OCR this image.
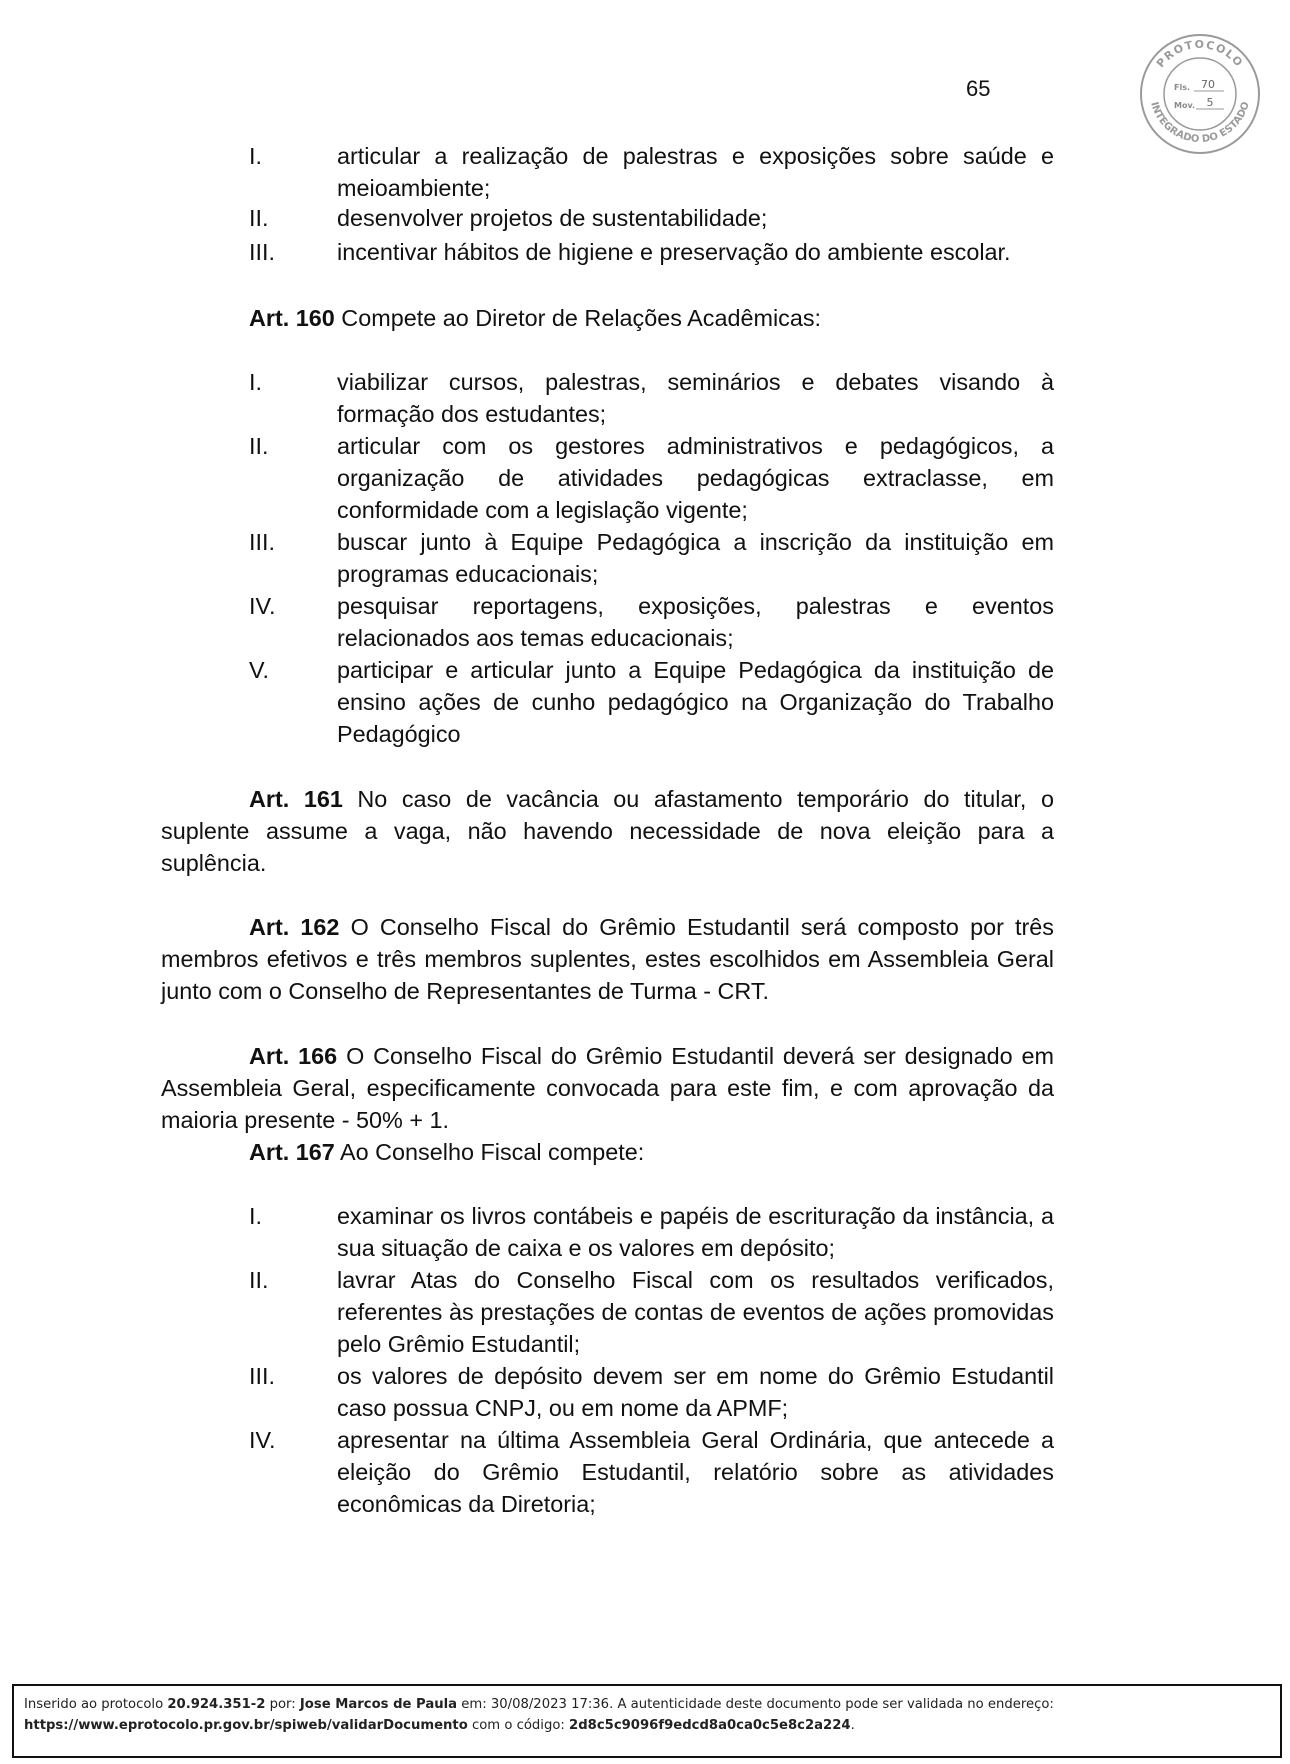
65
PROTOCOLO
INTEGRADO DO ESTADO
Fls. 70
Mov. 5
I.	articular a realização de palestras e exposições sobre saúde e meioambiente;
II.	desenvolver projetos de sustentabilidade;
III.	incentivar hábitos de higiene e preservação do ambiente escolar.

Art. 160 Compete ao Diretor de Relações Acadêmicas:

I.	viabilizar cursos, palestras, seminários e debates visando à formação dos estudantes;
II.	articular com os gestores administrativos e pedagógicos, a organização de atividades pedagógicas extraclasse, em conformidade com a legislação vigente;
III.	buscar junto à Equipe Pedagógica a inscrição da instituição em programas educacionais;
IV.	pesquisar reportagens, exposições, palestras e eventos relacionados aos temas educacionais;
V.	participar e articular junto a Equipe Pedagógica da instituição de ensino ações de cunho pedagógico na Organização do Trabalho Pedagógico

Art. 161 No caso de vacância ou afastamento temporário do titular, o suplente assume a vaga, não havendo necessidade de nova eleição para a suplência.

Art. 162 O Conselho Fiscal do Grêmio Estudantil será composto por três membros efetivos e três membros suplentes, estes escolhidos em Assembleia Geral junto com o Conselho de Representantes de Turma - CRT.

Art. 166 O Conselho Fiscal do Grêmio Estudantil deverá ser designado em Assembleia Geral, especificamente convocada para este fim, e com aprovação da maioria presente - 50% + 1.

Art. 167 Ao Conselho Fiscal compete:

I.	examinar os livros contábeis e papéis de escrituração da instância, a sua situação de caixa e os valores em depósito;
II.	lavrar Atas do Conselho Fiscal com os resultados verificados, referentes às prestações de contas de eventos de ações promovidas pelo Grêmio Estudantil;
III.	os valores de depósito devem ser em nome do Grêmio Estudantil caso possua CNPJ, ou em nome da APMF;
IV.	apresentar na última Assembleia Geral Ordinária, que antecede a eleição do Grêmio Estudantil, relatório sobre as atividades econômicas da Diretoria;
Inserido ao protocolo 20.924.351-2 por: Jose Marcos de Paula em: 30/08/2023 17:36. A autenticidade deste documento pode ser validada no endereço:
https://www.eprotocolo.pr.gov.br/spiweb/validarDocumento com o código: 2d8c5c9096f9edcd8a0ca0c5e8c2a224.
